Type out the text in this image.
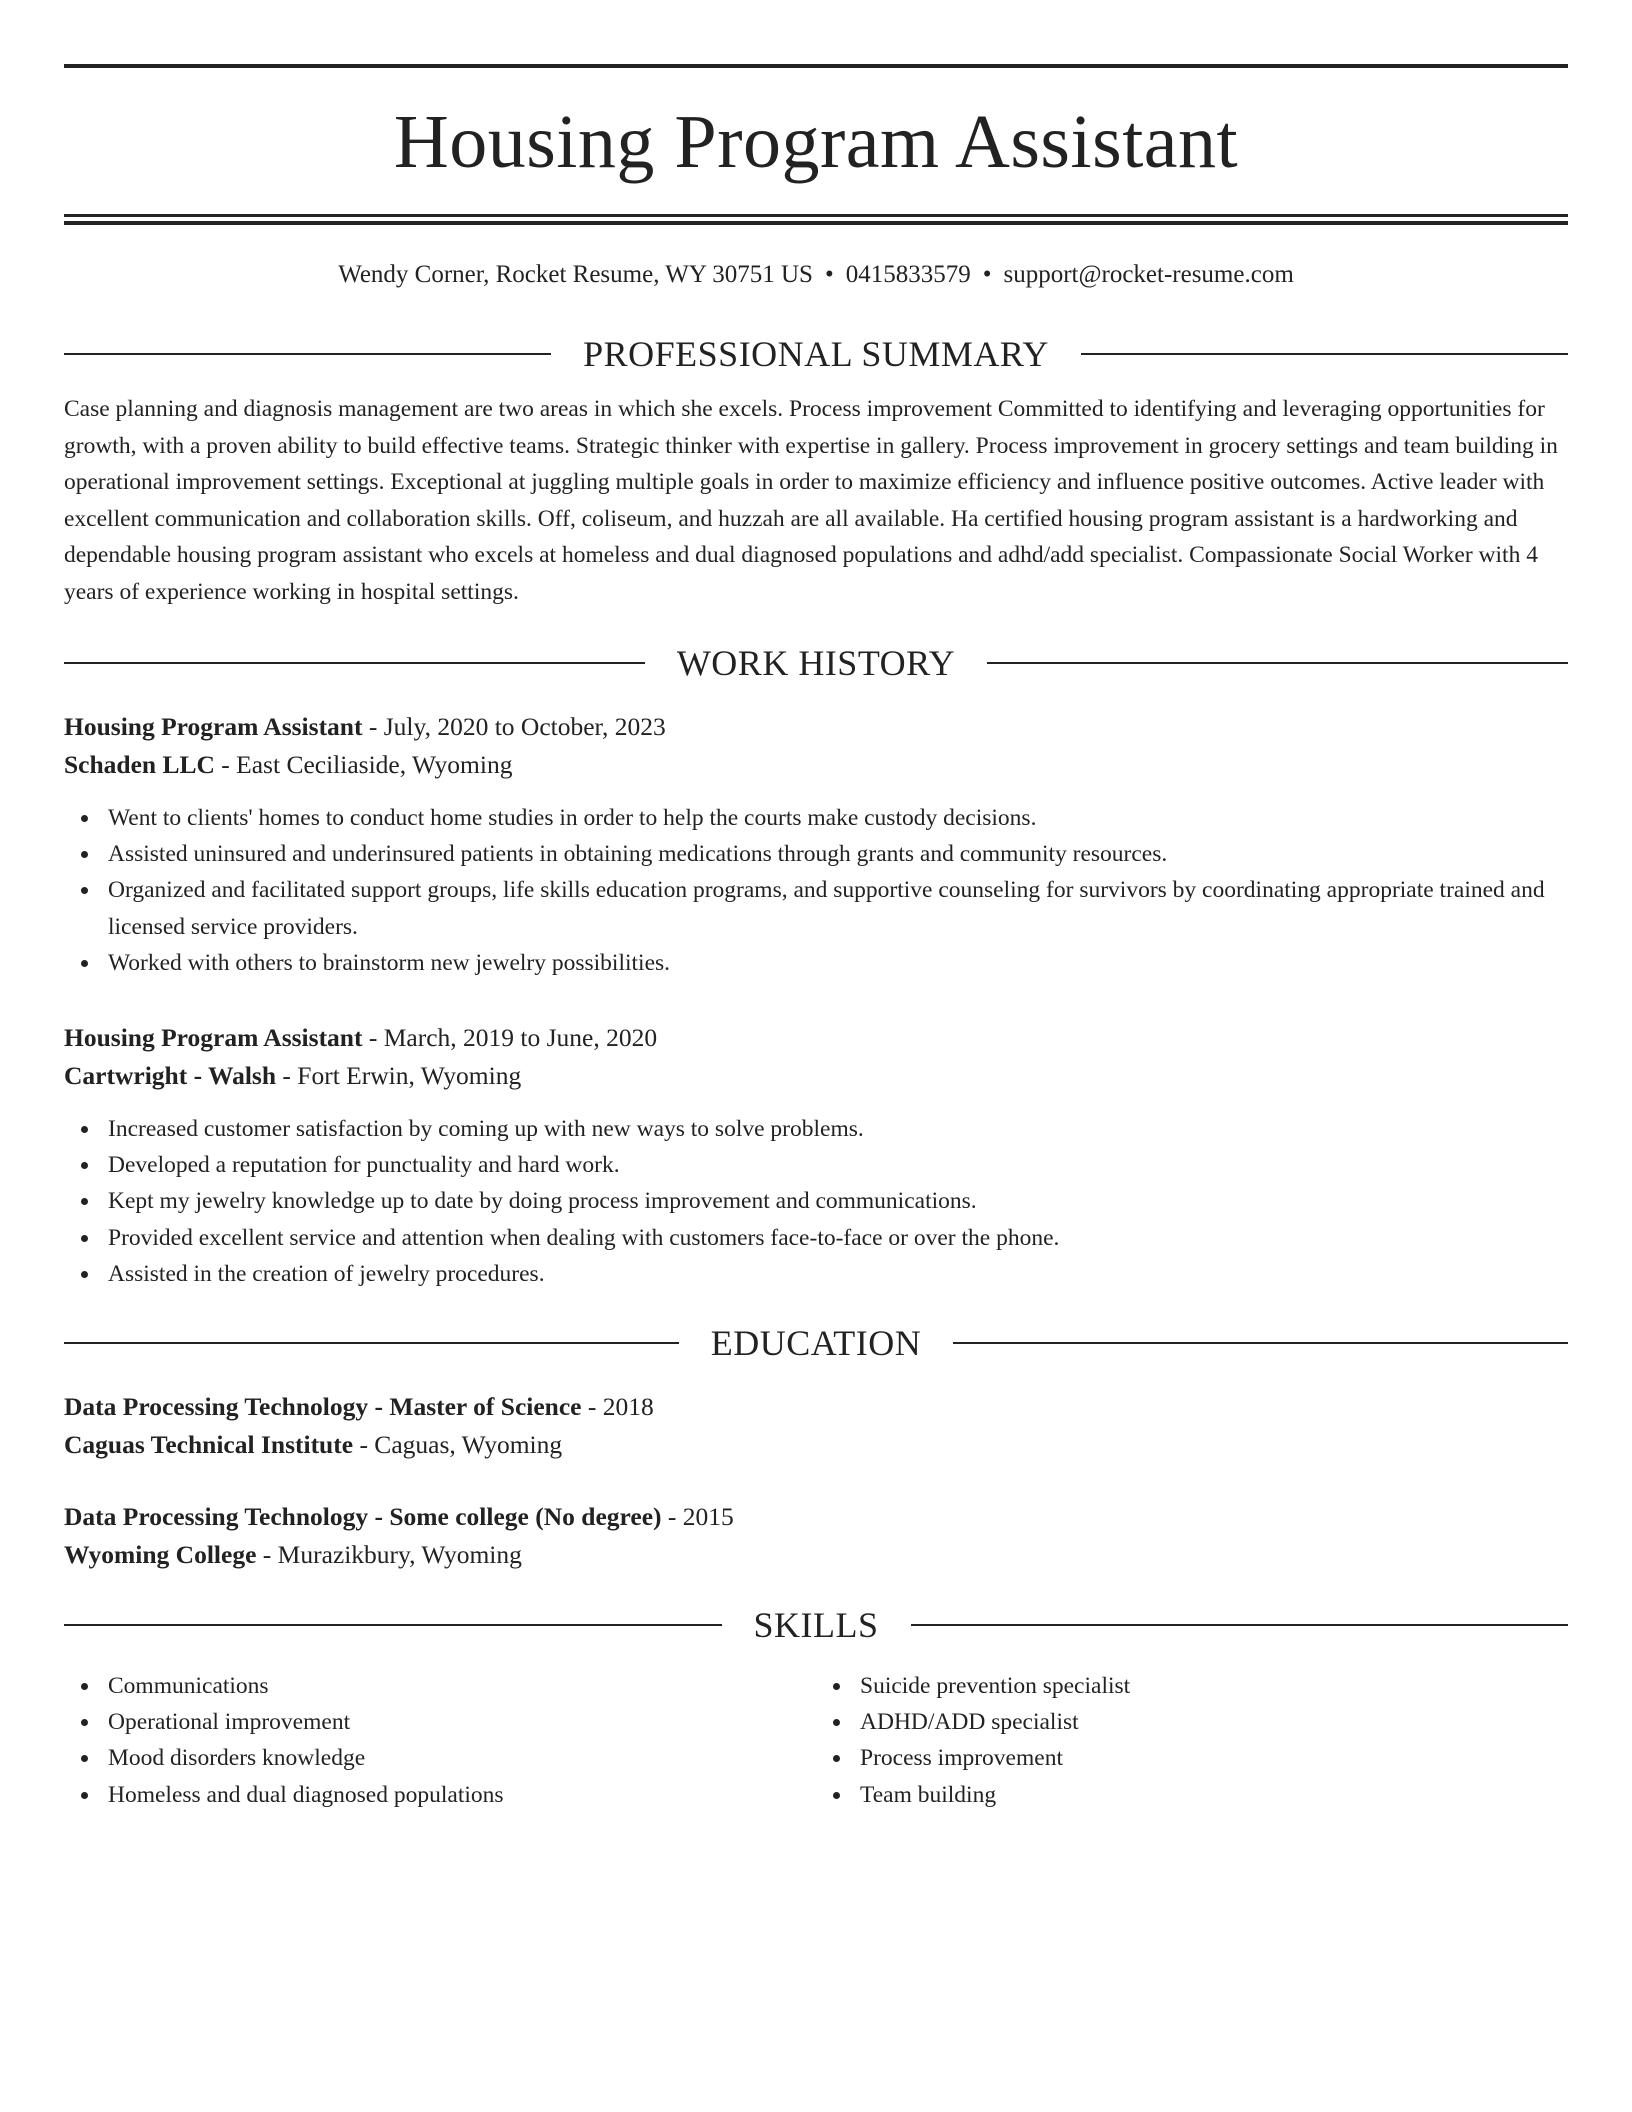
Housing Program Assistant
Wendy Corner, Rocket Resume, WY 30751 US • 0415833579 • support@rocket-resume.com
PROFESSIONAL SUMMARY

Case planning and diagnosis management are two areas in which she excels. Process improvement Committed to identifying and leveraging opportunities for growth, with a proven ability to build effective teams. Strategic thinker with expertise in gallery. Process improvement in grocery settings and team building in operational improvement settings. Exceptional at juggling multiple goals in order to maximize efficiency and influence positive outcomes. Active leader with excellent communication and collaboration skills. Off, coliseum, and huzzah are all available. Ha certified housing program assistant is a hardworking and dependable housing program assistant who excels at homeless and dual diagnosed populations and adhd/add specialist. Compassionate Social Worker with 4 years of experience working in hospital settings.

WORK HISTORY
Housing Program Assistant - July, 2020 to October, 2023
Schaden LLC - East Ceciliaside, Wyoming
Went to clients' homes to conduct home studies in order to help the courts make custody decisions.
Assisted uninsured and underinsured patients in obtaining medications through grants and community resources.
Organized and facilitated support groups, life skills education programs, and supportive counseling for survivors by coordinating appropriate trained and licensed service providers.
Worked with others to brainstorm new jewelry possibilities.
Housing Program Assistant - March, 2019 to June, 2020
Cartwright - Walsh - Fort Erwin, Wyoming
Increased customer satisfaction by coming up with new ways to solve problems.
Developed a reputation for punctuality and hard work.
Kept my jewelry knowledge up to date by doing process improvement and communications.
Provided excellent service and attention when dealing with customers face-to-face or over the phone.
Assisted in the creation of jewelry procedures.
EDUCATION
Data Processing Technology - Master of Science - 2018
Caguas Technical Institute - Caguas, Wyoming
Data Processing Technology - Some college (No degree) - 2015
Wyoming College - Murazikbury, Wyoming
SKILLS
Communications
Operational improvement
Mood disorders knowledge
Homeless and dual diagnosed populations
Suicide prevention specialist
ADHD/ADD specialist
Process improvement
Team building
